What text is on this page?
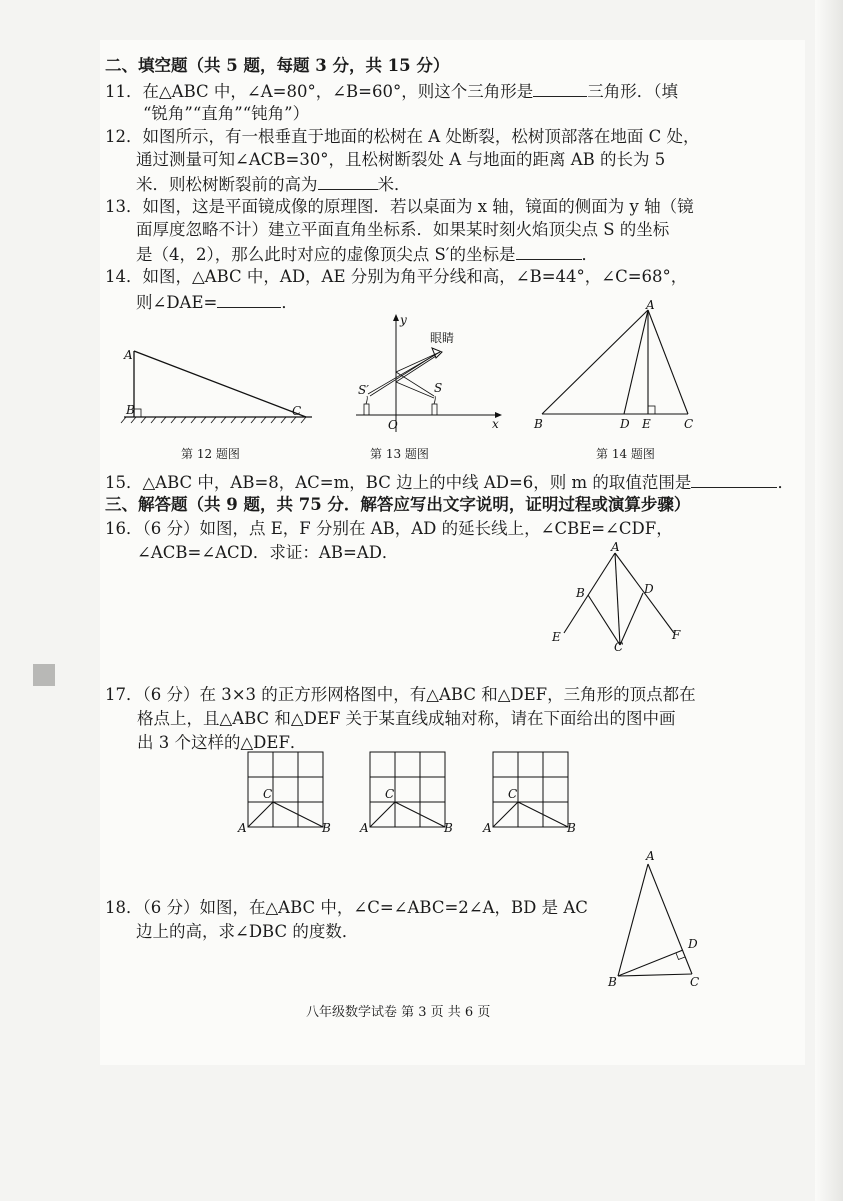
二、填空题（共 5 题，每题 3 分，共 15 分）
11．在△ABC 中，∠A=80°，∠B=60°，则这个三角形是	三角形．（填
“锐角”“直角”“钝角”）
12．如图所示，有一根垂直于地面的松树在 A 处断裂，松树顶部落在地面 C 处，
通过测量可知∠ACB=30°，且松树断裂处 A 与地面的距离 AB 的长为 5
米．则松树断裂前的高为	米．
13．如图，这是平面镜成像的原理图．若以桌面为 x 轴，镜面的侧面为 y 轴（镜
面厚度忽略不计）建立平面直角坐标系．如果某时刻火焰顶尖点 S 的坐标
是（4，2），那么此时对应的虚像顶尖点 S′的坐标是	．
14．如图，△ABC 中，AD，AE 分别为角平分线和高，∠B=44°，∠C=68°，
则∠DAE=	．
A
B	C
第 12 题图
y
眼睛
S′	S
O	x
第 13 题图
A
B	D E	C
第 14 题图
15．△ABC 中，AB=8，AC=m，BC 边上的中线 AD=6，则 m 的取值范围是	．
三、解答题（共 9 题，共 75 分．解答应写出文字说明，证明过程或演算步骤）
16．（6 分）如图，点 E，F 分别在 AB，AD 的延长线上，∠CBE=∠CDF，
∠ACB=∠ACD．求证：AB=AD．	A
B	D
E
C
F
17．（6 分）在 3×3 的正方形网格图中，有△ABC 和△DEF，三角形的顶点都在
格点上，且△ABC 和△DEF 关于某直线成轴对称，请在下面给出的图中画
出 3 个这样的△DEF．
C
A	B
C
A	B
C
A	B
18．（6 分）如图，在△ABC 中，∠C=∠ABC=2∠A，BD 是 AC
边上的高，求∠DBC 的度数．
A
D
B	C
八年级数学试卷 第 3 页 共 6 页
